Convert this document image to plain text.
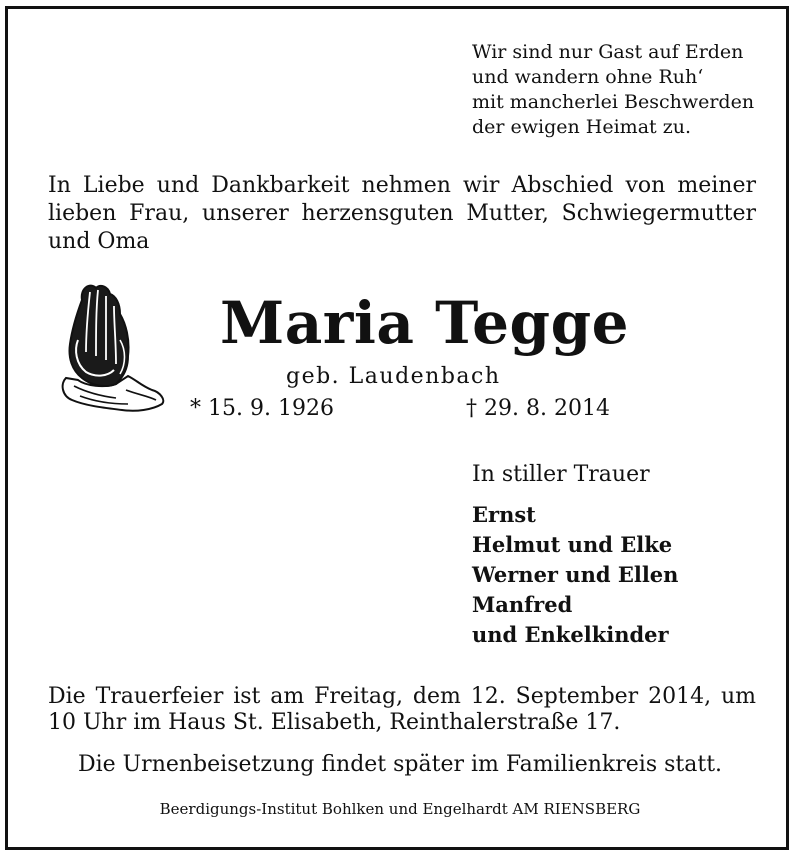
Wir sind nur Gast auf Erden
und wandern ohne Ruh‘
mit mancherlei Beschwerden
der ewigen Heimat zu.
In Liebe und Dankbarkeit nehmen wir Abschied von meiner
lieben Frau, unserer herzensguten Mutter, Schwiegermutter
und Oma
Maria Tegge
geb. Laudenbach
* 15. 9. 1926	† 29. 8. 2014
In stiller Trauer
Ernst
Helmut und Elke
Werner und Ellen
Manfred
und Enkelkinder
Die Trauerfeier ist am Freitag, dem 12. September 2014, um
10 Uhr im Haus St. Elisabeth, Reinthalerstraße 17.
Die Urnenbeisetzung findet später im Familienkreis statt.
Beerdigungs-Institut Bohlken und Engelhardt AM RIENSBERG
